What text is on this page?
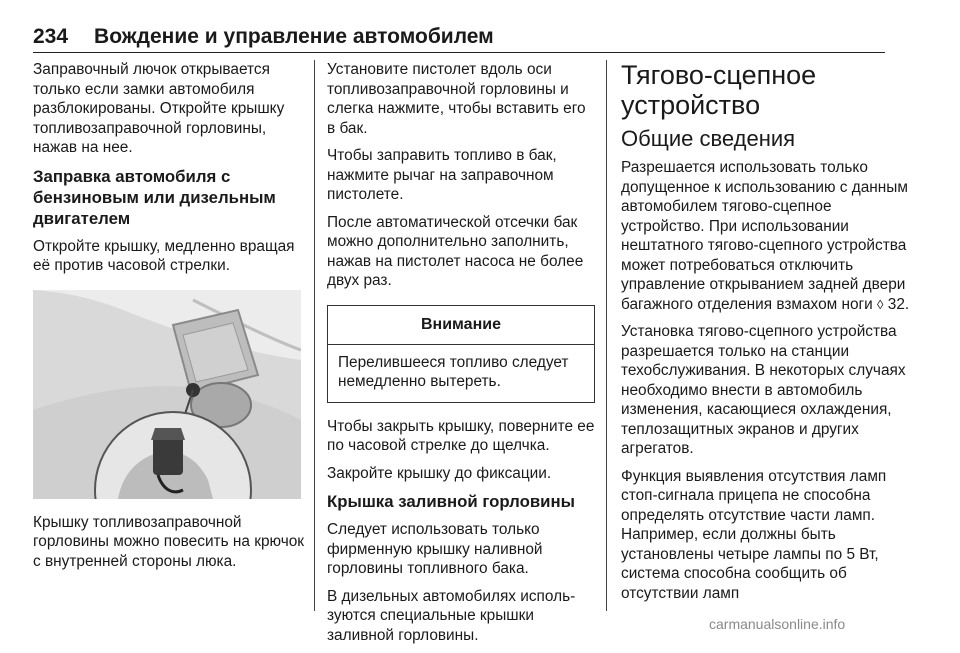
234 Вождение и управление автомобилем

Заправочный лючок открывается только если замки автомобиля разблокированы. Откройте крышку топливозаправочной горловины, нажав на нее.

Заправка автомобиля с бензиновым или дизельным двигателем

Откройте крышку, медленно вращая её против часовой стрелки.

Крышку топливозаправочной горловины можно повесить на крючок с внутренней стороны люка.

Установите пистолет вдоль оси топливозаправочной горловины и слегка нажмите, чтобы вставить его в бак.

Чтобы заправить топливо в бак, нажмите рычаг на заправочном пистолете.

После автоматической отсечки бак можно дополнительно заполнить, нажав на пистолет насоса не более двух раз.

Внимание
Перелившееся топливо следует немедленно вытереть.

Чтобы закрыть крышку, поверните ее по часовой стрелке до щелчка.

Закройте крышку до фиксации.

Крышка заливной горловины

Следует использовать только фирменную крышку наливной горловины топливного бака.

В дизельных автомобилях используются специальные крышки заливной горловины.

Тягово-сцепное устройство
Общие сведения

Разрешается использовать только допущенное к использованию с данным автомобилем тягово-сцепное устройство. При использовании нештатного тягово-сцепного устройства может потребоваться отключить управление открыванием задней двери багажного отделения взмахом ноги ◊ 32.

Установка тягово-сцепного устройства разрешается только на станции техобслуживания. В некоторых случаях необходимо внести в автомобиль изменения, касающиеся охлаждения, теплозащитных экранов и других агрегатов.

Функция выявления отсутствия ламп стоп-сигнала прицепа не способна определять отсутствие части ламп. Например, если должны быть установлены четыре лампы по 5 Вт, система способна сообщить об отсутствии ламп

carmanualsonline.info
